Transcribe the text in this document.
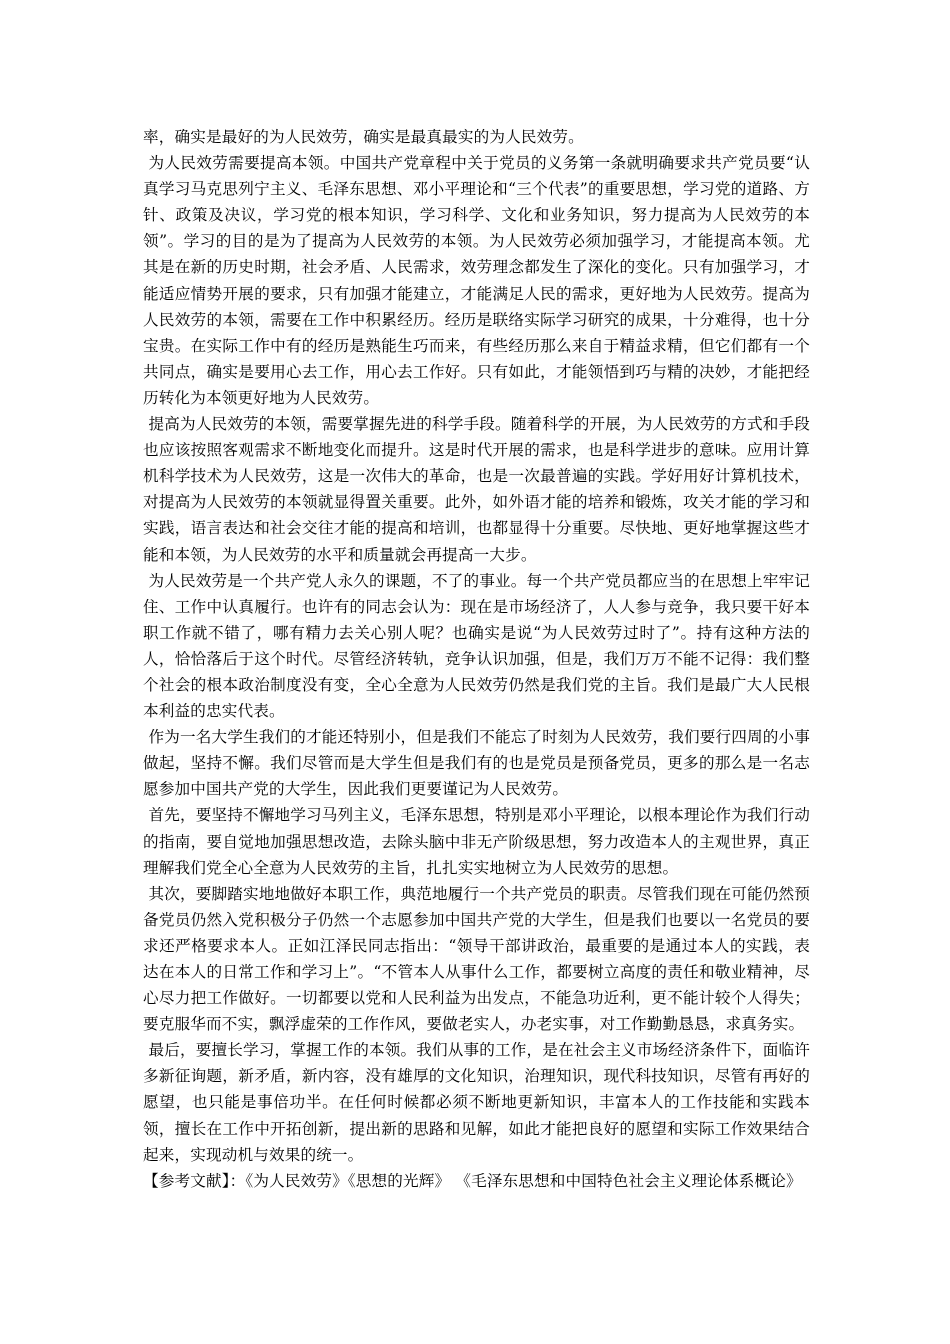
率，确实是最好的为人民效劳，确实是最真最实的为人民效劳。

为人民效劳需要提高本领。中国共产党章程中关于党员的义务第一条就明确要求共产党员要“认真学习马克思列宁主义、毛泽东思想、邓小平理论和“三个代表”的重要思想，学习党的道路、方针、政策及决议，学习党的根本知识，学习科学、文化和业务知识，努力提高为人民效劳的本领”。学习的目的是为了提高为人民效劳的本领。为人民效劳必须加强学习，才能提高本领。尤其是在新的历史时期，社会矛盾、人民需求，效劳理念都发生了深化的变化。只有加强学习，才能适应情势开展的要求，只有加强才能建立，才能满足人民的需求，更好地为人民效劳。提高为人民效劳的本领，需要在工作中积累经历。经历是联络实际学习研究的成果，十分难得，也十分宝贵。在实际工作中有的经历是熟能生巧而来，有些经历那么来自于精益求精，但它们都有一个共同点，确实是要用心去工作，用心去工作好。只有如此，才能领悟到巧与精的决妙，才能把经历转化为本领更好地为人民效劳。

提高为人民效劳的本领，需要掌握先进的科学手段。随着科学的开展，为人民效劳的方式和手段也应该按照客观需求不断地变化而提升。这是时代开展的需求，也是科学进步的意味。应用计算机科学技术为人民效劳，这是一次伟大的革命，也是一次最普遍的实践。学好用好计算机技术，对提高为人民效劳的本领就显得置关重要。此外，如外语才能的培养和锻炼，攻关才能的学习和实践，语言表达和社会交往才能的提高和培训，也都显得十分重要。尽快地、更好地掌握这些才能和本领，为人民效劳的水平和质量就会再提高一大步。

为人民效劳是一个共产党人永久的课题，不了的事业。每一个共产党员都应当的在思想上牢牢记住、工作中认真履行。也许有的同志会认为：现在是市场经济了，人人参与竞争，我只要干好本职工作就不错了，哪有精力去关心别人呢？也确实是说“为人民效劳过时了”。持有这种方法的人，恰恰落后于这个时代。尽管经济转轨，竞争认识加强，但是，我们万万不能不记得：我们整个社会的根本政治制度没有变，全心全意为人民效劳仍然是我们党的主旨。我们是最广大人民根本利益的忠实代表。

作为一名大学生我们的才能还特别小，但是我们不能忘了时刻为人民效劳，我们要行四周的小事做起，坚持不懈。我们尽管而是大学生但是我们有的也是党员是预备党员，更多的那么是一名志愿参加中国共产党的大学生，因此我们更要谨记为人民效劳。

首先，要坚持不懈地学习马列主义，毛泽东思想，特别是邓小平理论，以根本理论作为我们行动的指南，要自觉地加强思想改造，去除头脑中非无产阶级思想，努力改造本人的主观世界，真正理解我们党全心全意为人民效劳的主旨，扎扎实实地树立为人民效劳的思想。

其次，要脚踏实地地做好本职工作，典范地履行一个共产党员的职责。尽管我们现在可能仍然预备党员仍然入党积极分子仍然一个志愿参加中国共产党的大学生，但是我们也要以一名党员的要求还严格要求本人。正如江泽民同志指出：“领导干部讲政治，最重要的是通过本人的实践，表达在本人的日常工作和学习上”。“不管本人从事什么工作，都要树立高度的责任和敬业精神，尽心尽力把工作做好。一切都要以党和人民利益为出发点，不能急功近利，更不能计较个人得失；要克服华而不实，飘浮虚荣的工作作风，要做老实人，办老实事，对工作勤勤恳恳，求真务实。

最后，要擅长学习，掌握工作的本领。我们从事的工作，是在社会主义市场经济条件下，面临许多新征询题，新矛盾，新内容，没有雄厚的文化知识，治理知识，现代科技知识，尽管有再好的愿望，也只能是事倍功半。在任何时候都必须不断地更新知识，丰富本人的工作技能和实践本领，擅长在工作中开拓创新，提出新的思路和见解，如此才能把良好的愿望和实际工作效果结合起来，实现动机与效果的统一。

【参考文献】：《为人民效劳》《思想的光辉》 《毛泽东思想和中国特色社会主义理论体系概论》
